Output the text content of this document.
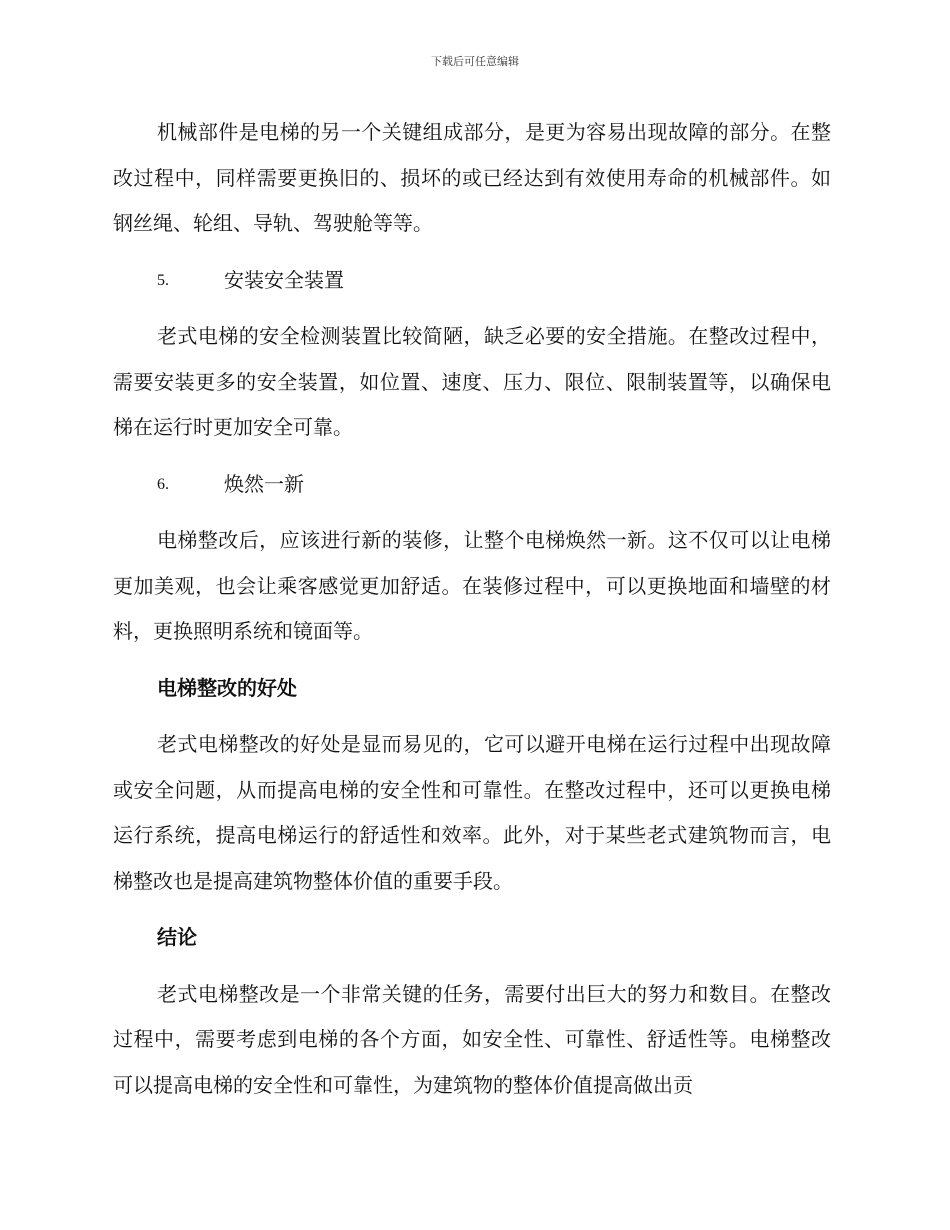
下载后可任意编辑

机械部件是电梯的另一个关键组成部分，是更为容易出现故障的部分。在整改过程中，同样需要更换旧的、损坏的或已经达到有效使用寿命的机械部件。如钢丝绳、轮组、导轨、驾驶舱等等。

5.	安装安全装置

老式电梯的安全检测装置比较简陋，缺乏必要的安全措施。在整改过程中，需要安装更多的安全装置，如位置、速度、压力、限位、限制装置等，以确保电梯在运行时更加安全可靠。

6.	焕然一新

电梯整改后，应该进行新的装修，让整个电梯焕然一新。这不仅可以让电梯更加美观，也会让乘客感觉更加舒适。在装修过程中，可以更换地面和墙壁的材料，更换照明系统和镜面等。

电梯整改的好处

老式电梯整改的好处是显而易见的，它可以避开电梯在运行过程中出现故障或安全问题，从而提高电梯的安全性和可靠性。在整改过程中，还可以更换电梯运行系统，提高电梯运行的舒适性和效率。此外，对于某些老式建筑物而言，电梯整改也是提高建筑物整体价值的重要手段。

结论

老式电梯整改是一个非常关键的任务，需要付出巨大的努力和数目。在整改过程中，需要考虑到电梯的各个方面，如安全性、可靠性、舒适性等。电梯整改可以提高电梯的安全性和可靠性，为建筑物的整体价值提高做出贡
